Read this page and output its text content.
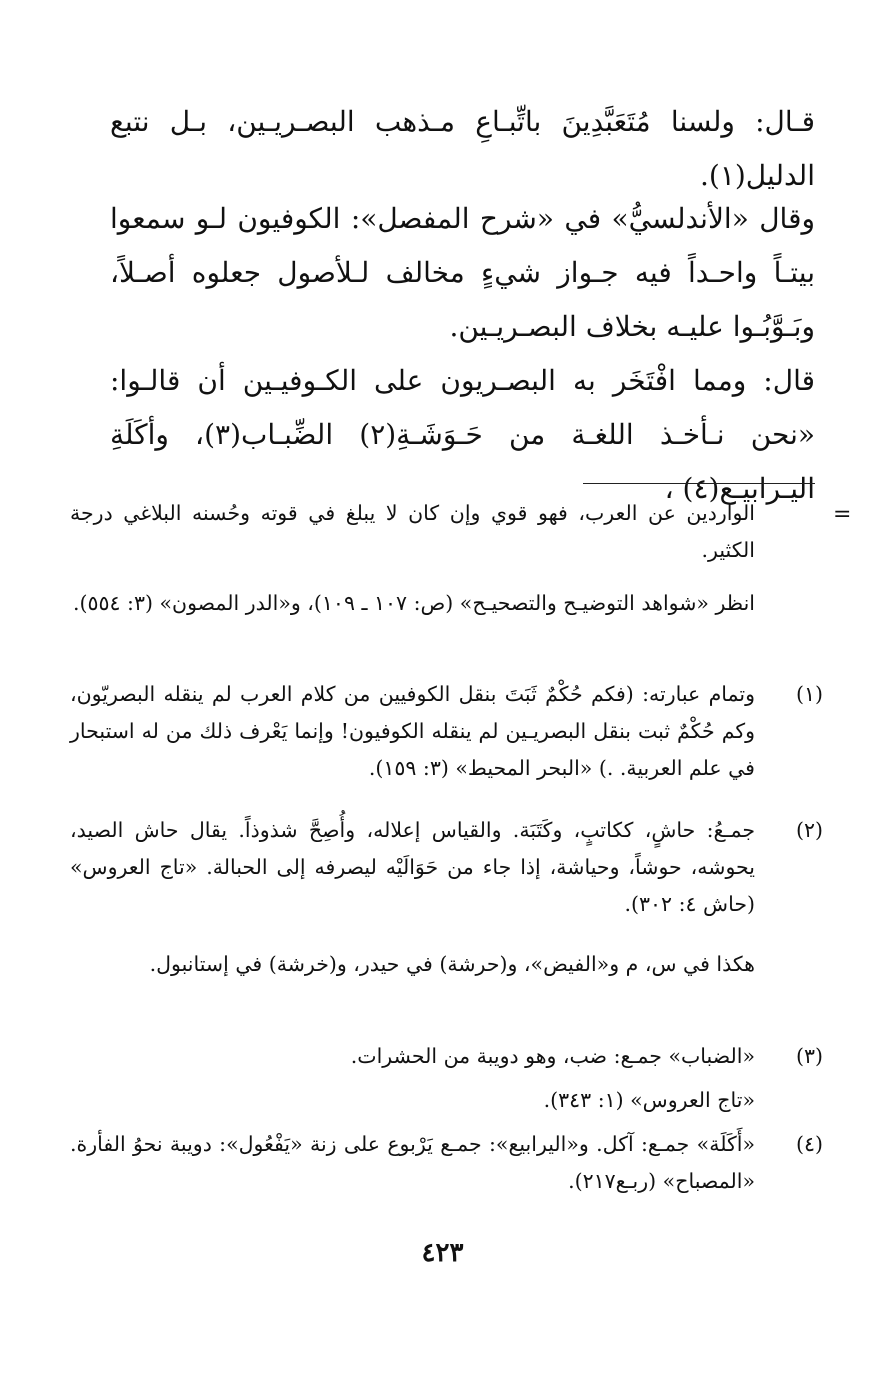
قـال: ولسنا مُتَعَبَّدِينَ باتِّبـاعِ مـذهب البصـريـين، بـل نتبع الدليل(١).

وقال «الأندلسيُّ» في «شرح المفصل»: الكوفيون لـو سمعوا بيتـاً واحـداً فيه جـواز شيءٍ مخالف لـلأصول جعلوه أصـلاً، وبَـوَّبُـوا عليـه بخلاف البصـريـين.

قال: ومما افْتَخَر به البصـريون على الكـوفيـين أن قالـوا: «نحن نـأخـذ اللغـة من حَـوَشَـةِ(٢) الضِّبـاب(٣)، وأكَلَةِ اليـرابيـع(٤) ،

=

الواردين عن العرب، فهو قوي وإن كان لا يبلغ في قوته وحُسنه البلاغي درجة الكثير.

انظر «شواهد التوضيـح والتصحيـح» (ص: ١٠٧ ـ ١٠٩)، و«الدر المصون» (٣: ٥٥٤).

(١)

وتمام عبارته: (فكم حُكْمٌ ثَبَتَ بنقل الكوفيين من كلام العرب لم ينقله البصريّون، وكم حُكْمٌ ثبت بنقل البصريـين لم ينقله الكوفيون! وإنما يَعْرف ذلك من له استبحار في علم العربية. .) «البحر المحيط» (٣: ١٥٩).

(٢)

جمـعُ: حاشٍ، ككاتبٍ، وكَتَبَة. والقياس إعلاله، وأُصِحَّ شذوذاً. يقال حاش الصيد، يحوشه، حوشاً، وحياشة، إذا جاء من حَوَالَيْه ليصرفه إلى الحبالة. «تاج العروس» (حاش ٤: ٣٠٢).

هكذا في س، م و«الفيض»، و(حرشة) في حيدر، و(خرشة) في إستانبول.

(٣)

«الضباب» جمـع: ضب، وهو دويبة من الحشرات.

«تاج العروس» (١: ٣٤٣).

(٤)

«أَكَلَة» جمـع: آكل. و«اليرابيع»: جمـع يَرْبوع على زنة «يَفْعُول»: دويبة نحوُ الفأرة. «المصباح» (ربـع٢١٧).

٤٢٣
